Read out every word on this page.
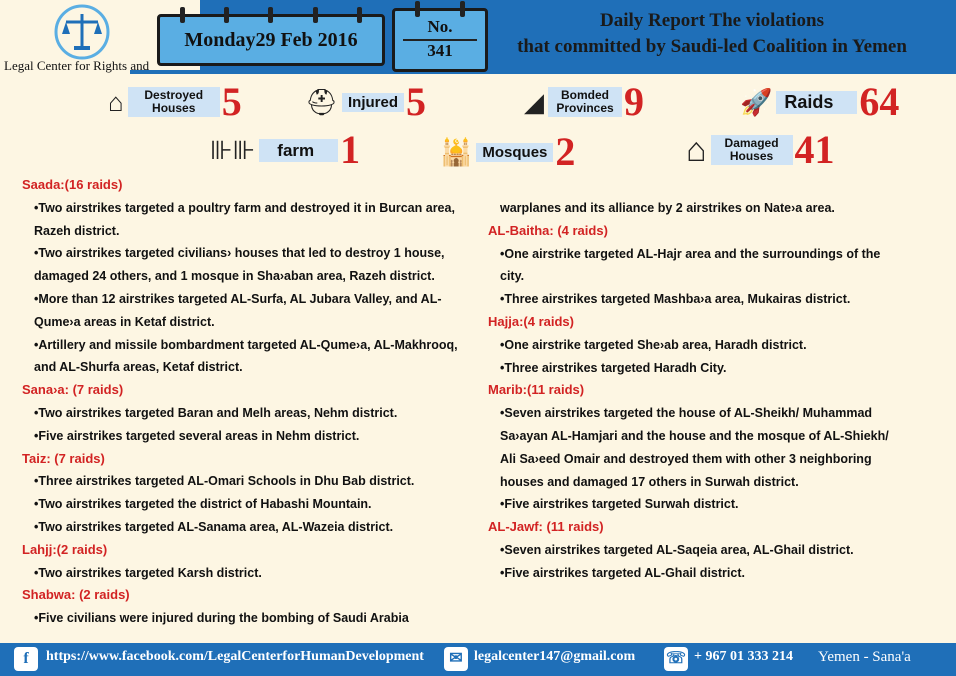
Legal Center for Rights and
Monday29 Feb 2016
No.
341
Daily Report The violations
that committed by Saudi-led Coalition in Yemen
⌂	Destroyed Houses 5 ⛑ Injured 5	◢	Bomded Provinces 9	🚀 Raids 64
⊪⊪	farm 1	🕌 Mosques 2	⌂	Damaged Houses 41
Saada:(16 raids)
•Two airstrikes targeted a poultry farm and destroyed it in Burcan area,
Razeh district.
•Two airstrikes targeted civilians› houses that led to destroy 1 house,
damaged 24 others, and 1 mosque in Sha›aban area, Razeh district.
•More than 12 airstrikes targeted AL-Surfa, AL Jubara Valley, and AL-
Qume›a areas in Ketaf district.
•Artillery and missile bombardment targeted AL-Qume›a, AL-Makhrooq,
and AL-Shurfa areas, Ketaf district.
Sana›a: (7 raids)
•Two airstrikes targeted Baran and Melh areas, Nehm district.
•Five airstrikes targeted several areas in Nehm district.
Taiz: (7 raids)
•Three airstrikes targeted AL-Omari Schools in Dhu Bab district.
•Two airstrikes targeted the district of Habashi Mountain.
•Two airstrikes targeted AL-Sanama area, AL-Wazeia district.
Lahjj:(2 raids)
•Two airstrikes targeted Karsh district.
Shabwa: (2 raids)
•Five civilians were injured during the bombing of Saudi Arabia
warplanes and its alliance by 2 airstrikes on Nate›a area.
AL-Baitha: (4 raids)
•One airstrike targeted AL-Hajr area and the surroundings of the
city.
•Three airstrikes targeted Mashba›a area, Mukairas district.
Hajja:(4 raids)
•One airstrike targeted She›ab area, Haradh district.
•Three airstrikes targeted Haradh City.
Marib:(11 raids)
•Seven airstrikes targeted the house of AL-Sheikh/ Muhammad
Sa›ayan AL-Hamjari and the house and the mosque of AL-Shiekh/
Ali Sa›eed Omair and destroyed them with other 3 neighboring
houses and damaged 17 others in Surwah district.
•Five airstrikes targeted Surwah district.
AL-Jawf: (11 raids)
•Seven airstrikes targeted AL-Saqeia area, AL-Ghail district.
•Five airstrikes targeted AL-Ghail district.
f	https://www.facebook.com/LegalCenterforHumanDevelopment	✉ legalcenter147@gmail.com ☏ + 967 01 333 214 Yemen - Sana'a
